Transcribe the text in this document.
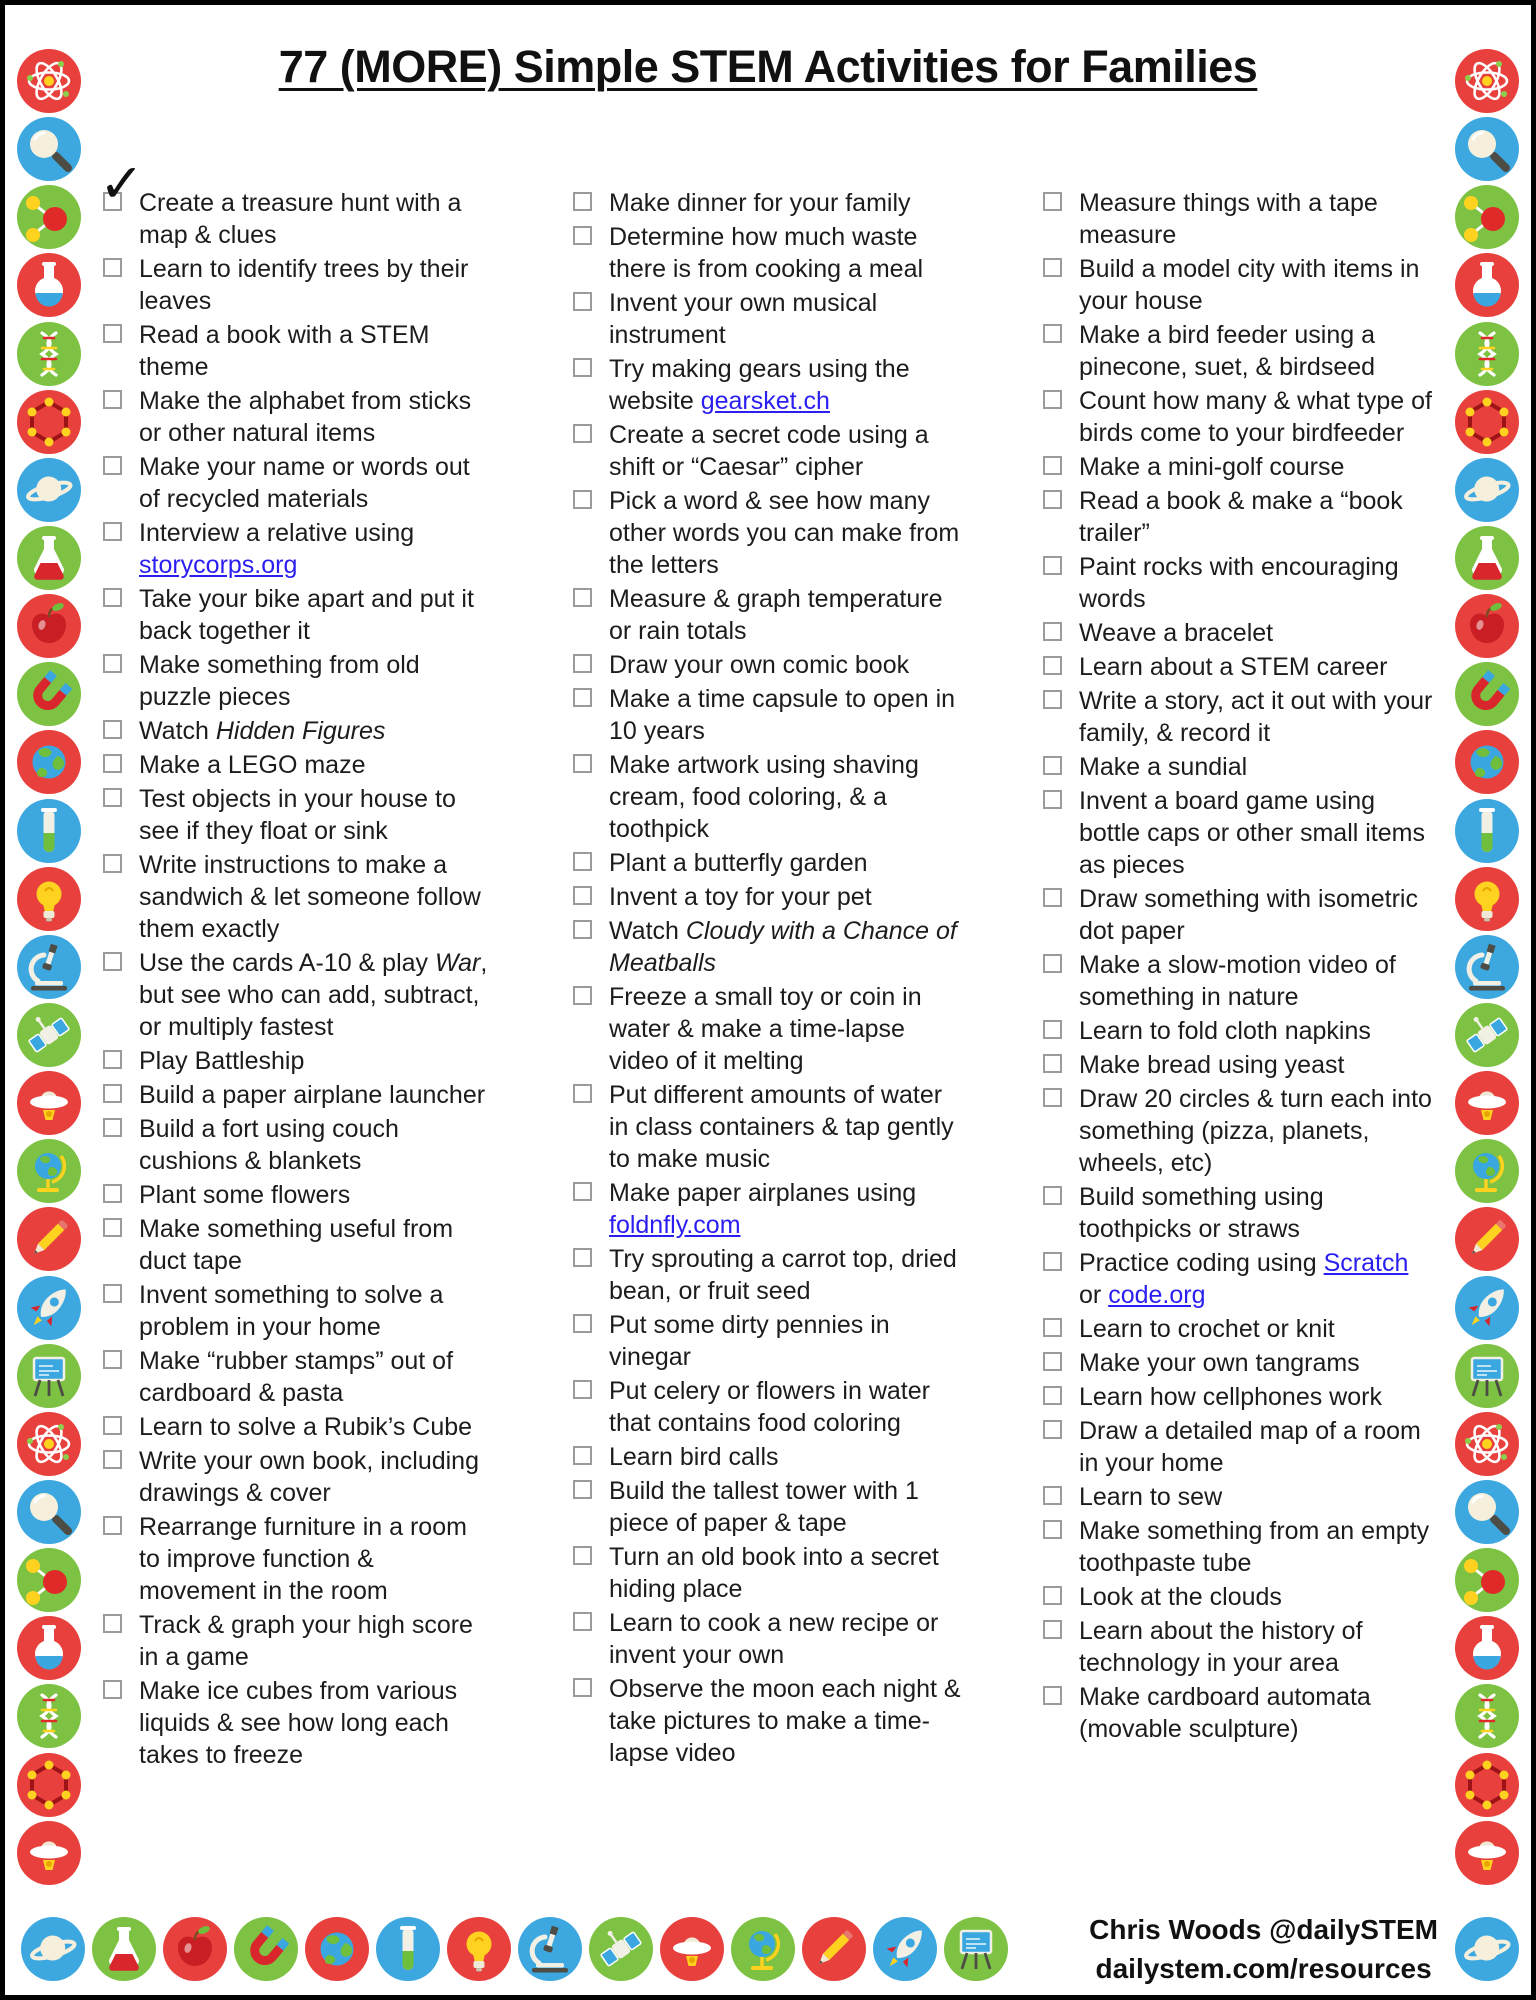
77 (MORE) Simple STEM Activities for Families
✓
Create a treasure hunt with a map & clues
Learn to identify trees by their leaves
Read a book with a STEM theme
Make the alphabet from sticks or other natural items
Make your name or words out of recycled materials
Interview a relative using storycorps.org
Take your bike apart and put it back together it
Make something from old puzzle pieces
Watch Hidden Figures
Make a LEGO maze
Test objects in your house to see if they float or sink
Write instructions to make a sandwich & let someone follow them exactly
Use the cards A-10 & play War, but see who can add, subtract, or multiply fastest
Play Battleship
Build a paper airplane launcher
Build a fort using couch cushions & blankets
Plant some flowers
Make something useful from duct tape
Invent something to solve a problem in your home
Make “rubber stamps” out of cardboard & pasta
Learn to solve a Rubik’s Cube
Write your own book, including drawings & cover
Rearrange furniture in a room to improve function & movement in the room
Track & graph your high score in a game
Make ice cubes from various liquids & see how long each takes to freeze
Make dinner for your family
Determine how much waste there is from cooking a meal
Invent your own musical instrument
Try making gears using the website gearsket.ch
Create a secret code using a shift or “Caesar” cipher
Pick a word & see how many other words you can make from the letters
Measure & graph temperature or rain totals
Draw your own comic book
Make a time capsule to open in 10 years
Make artwork using shaving cream, food coloring, & a toothpick
Plant a butterfly garden
Invent a toy for your pet
Watch Cloudy with a Chance of Meatballs
Freeze a small toy or coin in water & make a time-lapse video of it melting
Put different amounts of water in class containers & tap gently to make music
Make paper airplanes using foldnfly.com
Try sprouting a carrot top, dried bean, or fruit seed
Put some dirty pennies in vinegar
Put celery or flowers in water that contains food coloring
Learn bird calls
Build the tallest tower with 1 piece of paper & tape
Turn an old book into a secret hiding place
Learn to cook a new recipe or invent your own
Observe the moon each night & take pictures to make a time-lapse video
Measure things with a tape measure
Build a model city with items in your house
Make a bird feeder using a pinecone, suet, & birdseed
Count how many & what type of birds come to your birdfeeder
Make a mini-golf course
Read a book & make a “book trailer”
Paint rocks with encouraging words
Weave a bracelet
Learn about a STEM career
Write a story, act it out with your family, & record it
Make a sundial
Invent a board game using bottle caps or other small items as pieces
Draw something with isometric dot paper
Make a slow-motion video of something in nature
Learn to fold cloth napkins
Make bread using yeast
Draw 20 circles & turn each into something (pizza, planets, wheels, etc)
Build something using toothpicks or straws
Practice coding using Scratch or code.org
Learn to crochet or knit
Make your own tangrams
Learn how cellphones work
Draw a detailed map of a room in your home
Learn to sew
Make something from an empty toothpaste tube
Look at the clouds
Learn about the history of technology in your area
Make cardboard automata (movable sculpture)
Chris Woods @dailySTEM
dailystem.com/resources
